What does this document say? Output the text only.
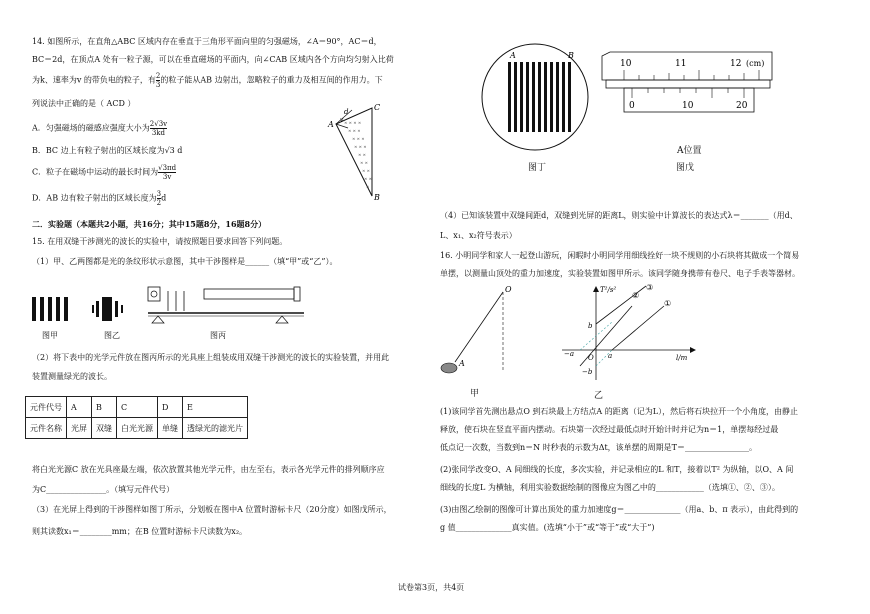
14. 如图所示，在直角△ABC 区域内存在垂直于三角形平面向里的匀强磁场，∠A＝90°，AC＝d，
BC＝2d，在顶点A 处有一粒子源，可以在垂直磁场的平面内，向∠CAB 区域内各个方向均匀射入比荷
为k、速率为v 的带负电的粒子，有 $\frac{2}{3}$ 的粒子能从AB 边射出，忽略粒子的重力及相互间的作用力。下
列说法中正确的是（ ACD ）
A．匀强磁场的磁感应强度大小为 $\frac{2√3v}{3kd}$
B．BC 边上有粒子射出的区域长度为√3 d
C．粒子在磁场中运动的最长时间为 $\frac{√3\pi d}{3v}$
D．AB 边有粒子射出的区域长度为 $\frac{3}{2}$ d
× × × ×
× × ×
× × ×
× × ×
× ×
× ×
× ×
× ×
×
A
C
B
d
v
二．实验题（本题共2小题，共16分；其中15题8分，16题8分）
15. 在用双缝干涉测光的波长的实验中，请按照题目要求回答下列问题。
（1）甲、乙两图都是光的条纹形状示意图，其中干涉图样是______（填“甲”或“乙”）。
图甲	图乙	图丙
（2）将下表中的光学元件放在图丙所示的光具座上组装成用双缝干涉测光的波长的实验装置，并用此
装置测量绿光的波长。
元件代号	A	B	C	D	E
元件名称	光屏	双缝	白光光源	单缝	透绿光的滤光片
将白光光源C 放在光具座最左端，依次放置其他光学元件，由左至右，表示各光学元件的排列顺序应
为C_______________。（填写元件代号）
（3）在光屏上得到的干涉图样如图丁所示，分划板在图中A 位置时游标卡尺（20分度）如图戊所示，
则其读数x₁＝________mm；在B 位置时游标卡尺读数为x₂。
A	B
图丁
10	11	12 (cm)
0	10	20
A位置
图戊
（4）已知该装置中双缝间距d，双缝到光屏的距离L，则实验中计算波长的表达式λ＝_______（用d、
L、x₁、x₂符号表示）
16. 小明同学和家人一起登山游玩，闲暇时小明同学用细线拴好一块不规则的小石块将其做成一个简易
单摆，以测量山顶处的重力加速度，实验装置如图甲所示。该同学随身携带有卷尺、电子手表等器材。
O
A
甲
T²/s²
l/m
O a
−a
b
−b
①
②
③
乙
(1)该同学首先测出悬点O 到石块最上方结点A 的距离（记为L），然后将石块拉开一个小角度，由静止
释放，使石块在竖直平面内摆动。石块第一次经过最低点时开始计时并记为n＝1，单摆每经过最
低点记一次数，当数到n＝N 时秒表的示数为Δt，该单摆的周期是T＝________________。
(2)张同学改变O、A 间细线的长度，多次实验，并记录相应的L 和T，接着以T² 为纵轴，以O、A 间
细线的长度L 为横轴，利用实验数据绘制的图像应为图乙中的____________（选填①、②、③）。
(3)由图乙绘制的图像可计算出顶处的重力加速度g＝______________（用a、b、π 表示），由此得到的
g 值______________真实值。(选填“小于”或“等于”或“大于”)
试卷第3页，共4页
